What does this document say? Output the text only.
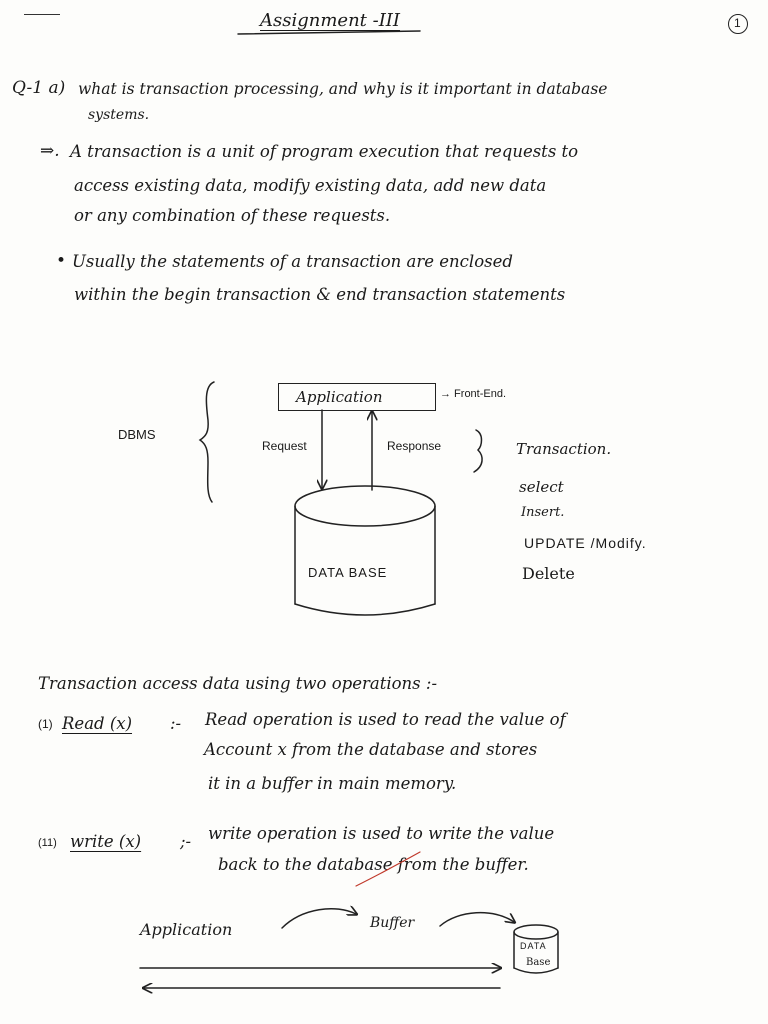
Assignment -III	1
Q-1 a) what is transaction processing, and why is it important in database
systems.
⇒. A transaction is a unit of program execution that requests to
access existing data, modify existing data, add new data
or any combination of these requests.
• Usually the statements of a transaction are enclosed
within the begin transaction & end transaction statements
DBMS
Application	→ Front-End.
Request	Response
DATA BASE
Transaction.
select
Insert.
UPDATE /Modify.
Delete
Transaction access data using two operations :-
(1) Read (x) :- Read operation is used to read the value of
Account x from the database and stores
it in a buffer in main memory.
(11) write (x) ;- write operation is used to write the value
back to the database from the buffer.
Application	Buffer
DATA
Base
